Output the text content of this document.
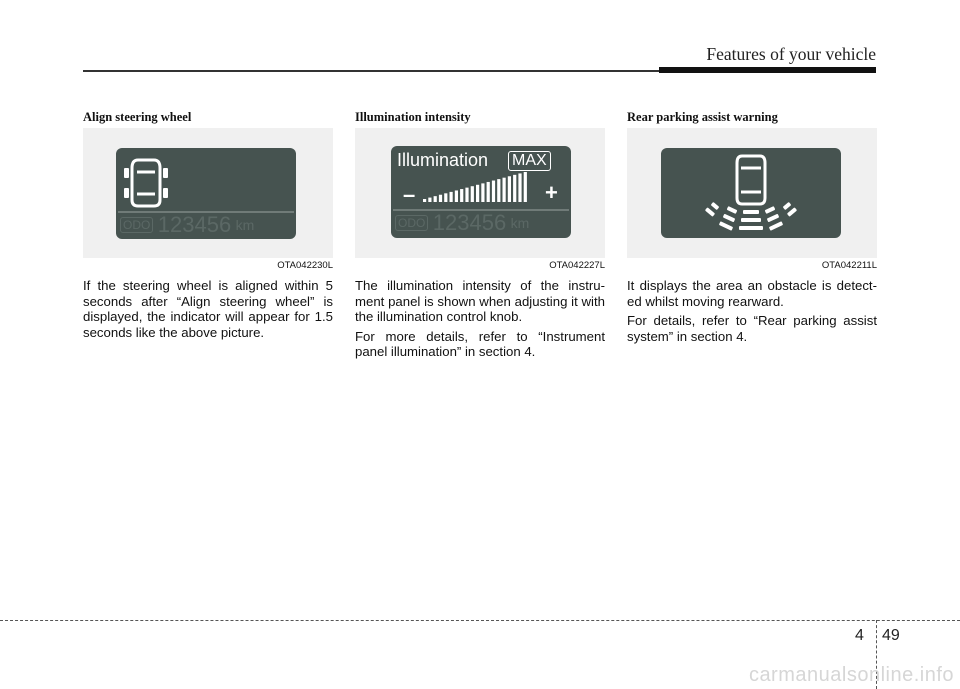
Features of your vehicle
Align steering wheel
ODO 123456 km
OTA042230L

If the steering wheel is aligned within 5 seconds after “Align steering wheel” is displayed, the indicator will appear for 1.5 seconds like the above picture.

Illumination intensity
Illumination MAX
–	+
ODO 123456 km
OTA042227L

The illumination intensity of the instru-ment panel is shown when adjusting it with the illumination control knob.

For more details, refer to “Instrument panel illumination” in section 4.

Rear parking assist warning
OTA042211L

It displays the area an obstacle is detect-ed whilst moving rearward.

For details, refer to “Rear parking assist system” in section 4.

4 49
carmanualsonline.info
